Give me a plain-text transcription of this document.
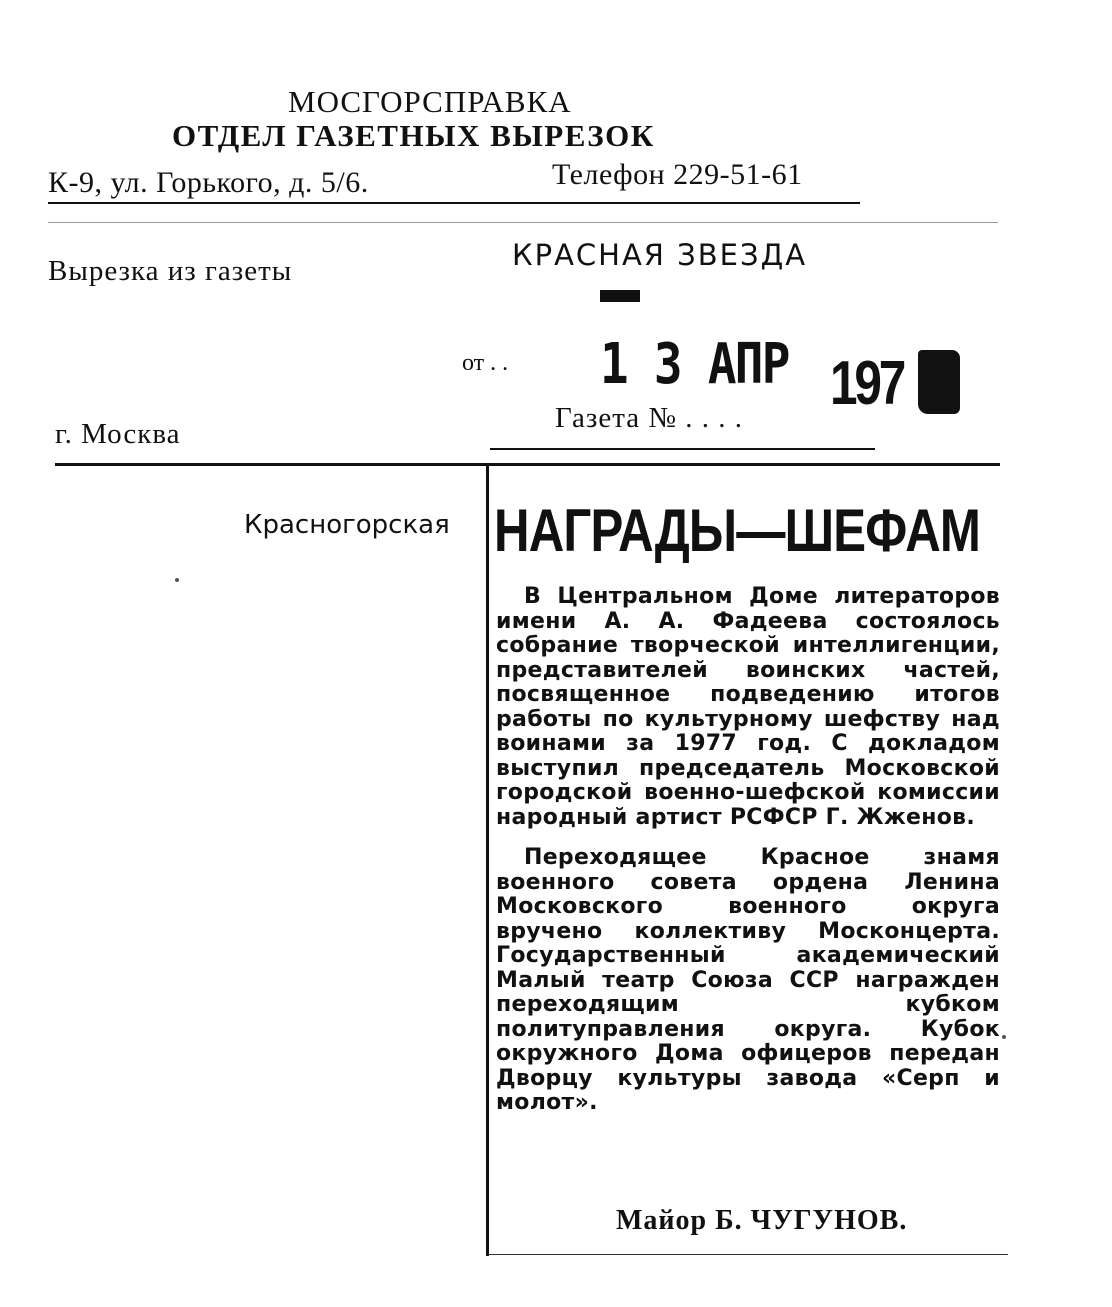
МОСГОРСПРАВКА
ОТДЕЛ ГАЗЕТНЫХ ВЫРЕЗОК
К-9, ул. Горького, д. 5/6.	Телефон 229-51-61
Вырезка из газеты	КРАСНАЯ ЗВЕЗДА
от . . 1 3 АПР 197
г. Москва	Газета № . . . .
Красногорская НАГРАДЫ—ШЕФАМ

В Центральном Доме литераторов имени А. А. Фадеева состоялось собрание творческой интеллигенции, представителей воинских частей, посвященное подведению итогов работы по культурному шефству над воинами за 1977 год. С докладом выступил председатель Московской городской военно-шефской комиссии народный артист РСФСР Г. Жженов.

Переходящее Красное знамя военного совета ордена Ленина Московского военного округа вручено коллективу Москонцерта. Государственный академический Малый театр Союза ССР награжден переходящим кубком политуправления округа. Кубок окружного Дома офицеров передан Дворцу культуры завода «Серп и молот».

Майор Б. ЧУГУНОВ.
